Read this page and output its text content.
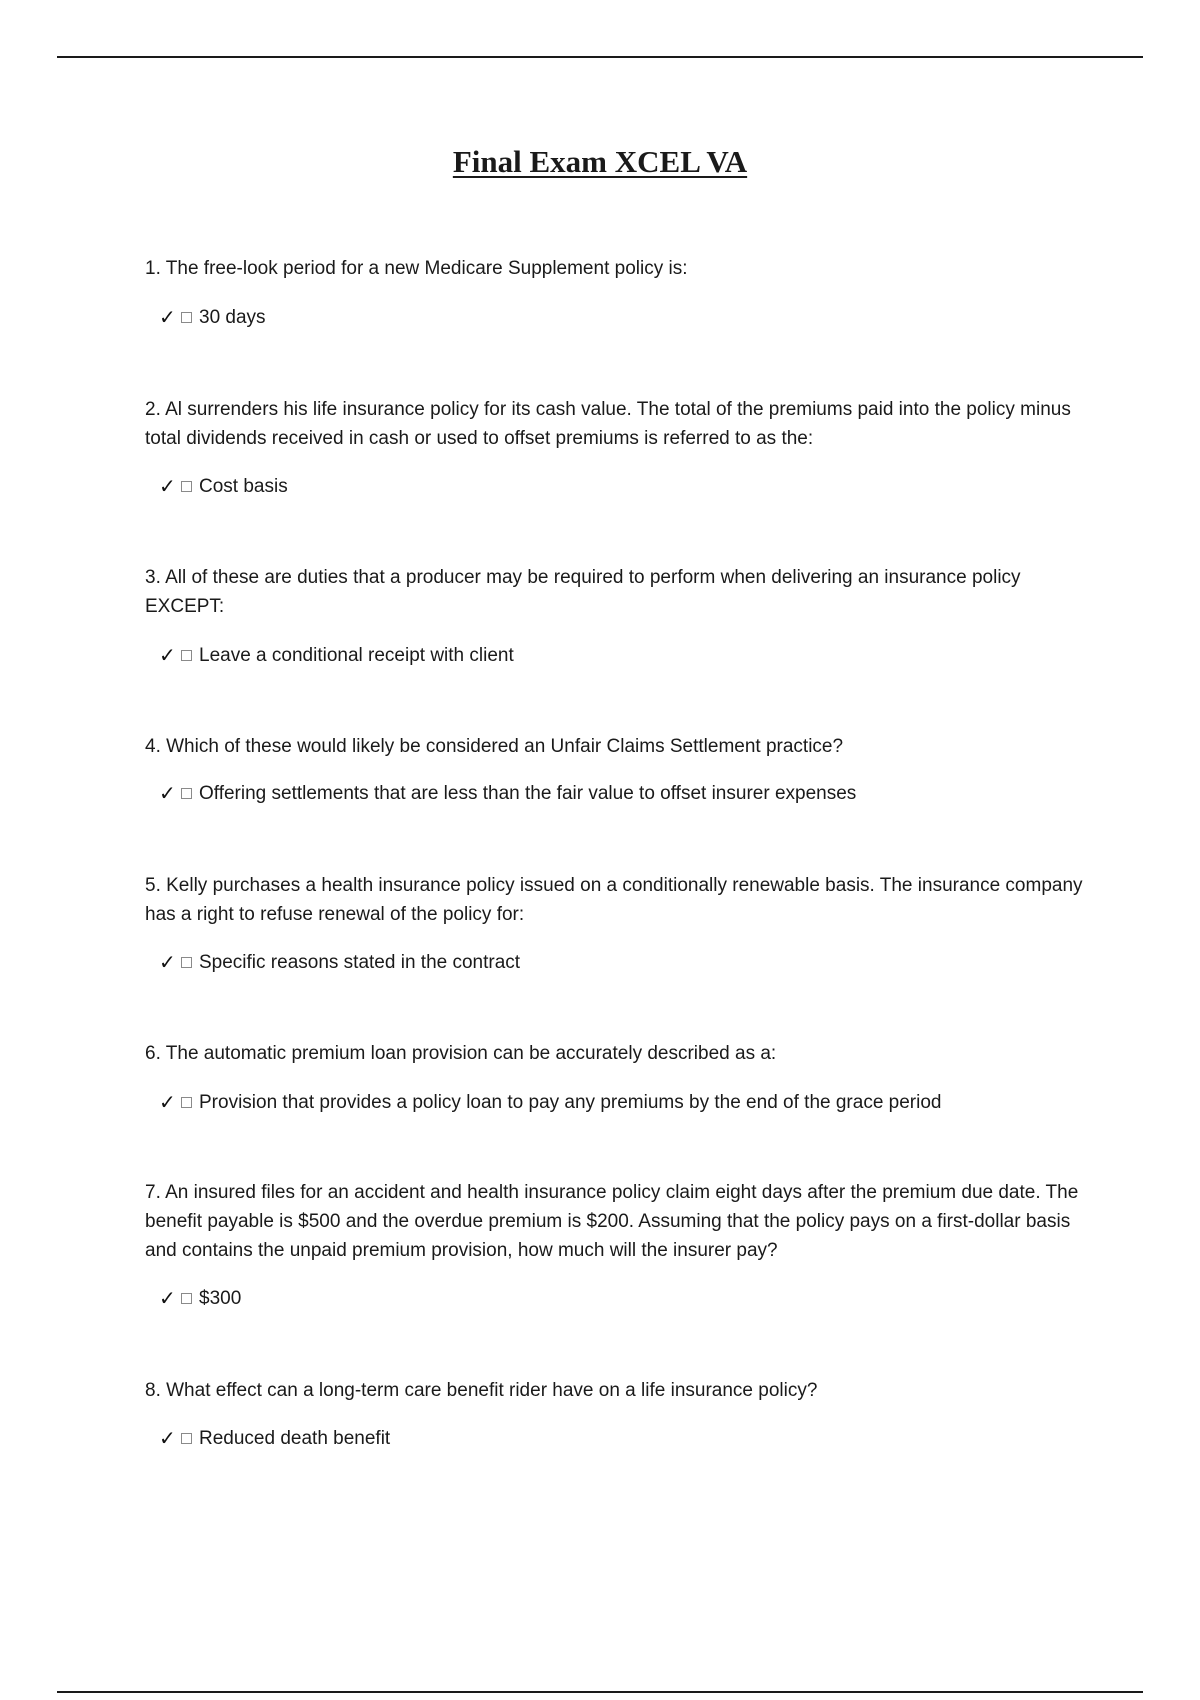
Final Exam XCEL VA

1. The free-look period for a new Medicare Supplement policy is:

✓ 30 days

2. Al surrenders his life insurance policy for its cash value. The total of the premiums paid into the policy minus total dividends received in cash or used to offset premiums is referred to as the:

✓ Cost basis

3. All of these are duties that a producer may be required to perform when delivering an insurance policy EXCEPT:

✓ Leave a conditional receipt with client

4. Which of these would likely be considered an Unfair Claims Settlement practice?

✓ Offering settlements that are less than the fair value to offset insurer expenses

5. Kelly purchases a health insurance policy issued on a conditionally renewable basis. The insurance company has a right to refuse renewal of the policy for:

✓ Specific reasons stated in the contract

6. The automatic premium loan provision can be accurately described as a:

✓ Provision that provides a policy loan to pay any premiums by the end of the grace period

7. An insured files for an accident and health insurance policy claim eight days after the premium due date. The benefit payable is $500 and the overdue premium is $200. Assuming that the policy pays on a first-dollar basis and contains the unpaid premium provision, how much will the insurer pay?

✓ $300

8. What effect can a long-term care benefit rider have on a life insurance policy?

✓ Reduced death benefit
